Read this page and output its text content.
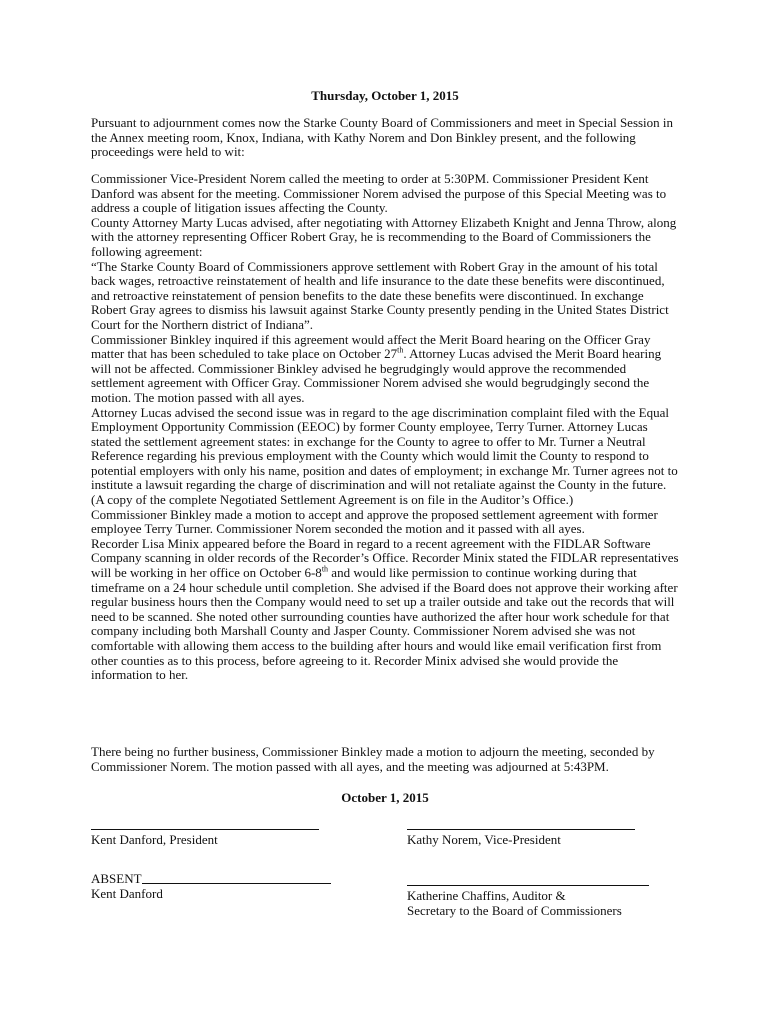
Thursday, October 1, 2015

Pursuant to adjournment comes now the Starke County Board of Commissioners and meet in Special Session in the Annex meeting room, Knox, Indiana, with Kathy Norem and Don Binkley present, and the following proceedings were held to wit:

Commissioner Vice-President Norem called the meeting to order at 5:30PM. Commissioner President Kent Danford was absent for the meeting. Commissioner Norem advised the purpose of this Special Meeting was to address a couple of litigation issues affecting the County.

County Attorney Marty Lucas advised, after negotiating with Attorney Elizabeth Knight and Jenna Throw, along with the attorney representing Officer Robert Gray, he is recommending to the Board of Commissioners the following agreement:

“The Starke County Board of Commissioners approve settlement with Robert Gray in the amount of his total back wages, retroactive reinstatement of health and life insurance to the date these benefits were discontinued, and retroactive reinstatement of pension benefits to the date these benefits were discontinued. In exchange Robert Gray agrees to dismiss his lawsuit against Starke County presently pending in the United States District Court for the Northern district of Indiana”.

Commissioner Binkley inquired if this agreement would affect the Merit Board hearing on the Officer Gray matter that has been scheduled to take place on October 27th. Attorney Lucas advised the Merit Board hearing will not be affected. Commissioner Binkley advised he begrudgingly would approve the recommended settlement agreement with Officer Gray. Commissioner Norem advised she would begrudgingly second the motion. The motion passed with all ayes.

Attorney Lucas advised the second issue was in regard to the age discrimination complaint filed with the Equal Employment Opportunity Commission (EEOC) by former County employee, Terry Turner. Attorney Lucas stated the settlement agreement states: in exchange for the County to agree to offer to Mr. Turner a Neutral Reference regarding his previous employment with the County which would limit the County to respond to potential employers with only his name, position and dates of employment; in exchange Mr. Turner agrees not to institute a lawsuit regarding the charge of discrimination and will not retaliate against the County in the future. (A copy of the complete Negotiated Settlement Agreement is on file in the Auditor’s Office.)

Commissioner Binkley made a motion to accept and approve the proposed settlement agreement with former employee Terry Turner. Commissioner Norem seconded the motion and it passed with all ayes.

Recorder Lisa Minix appeared before the Board in regard to a recent agreement with the FIDLAR Software Company scanning in older records of the Recorder’s Office. Recorder Minix stated the FIDLAR representatives will be working in her office on October 6-8th and would like permission to continue working during that timeframe on a 24 hour schedule until completion. She advised if the Board does not approve their working after regular business hours then the Company would need to set up a trailer outside and take out the records that will need to be scanned. She noted other surrounding counties have authorized the after hour work schedule for that company including both Marshall County and Jasper County. Commissioner Norem advised she was not comfortable with allowing them access to the building after hours and would like email verification first from other counties as to this process, before agreeing to it. Recorder Minix advised she would provide the information to her.

There being no further business, Commissioner Binkley made a motion to adjourn the meeting, seconded by Commissioner Norem. The motion passed with all ayes, and the meeting was adjourned at 5:43PM.

October 1, 2015
Kent Danford, President	Kathy Norem, Vice-President
ABSENT
Kent Danford	Katherine Chaffins, Auditor &
Secretary to the Board of Commissioners
